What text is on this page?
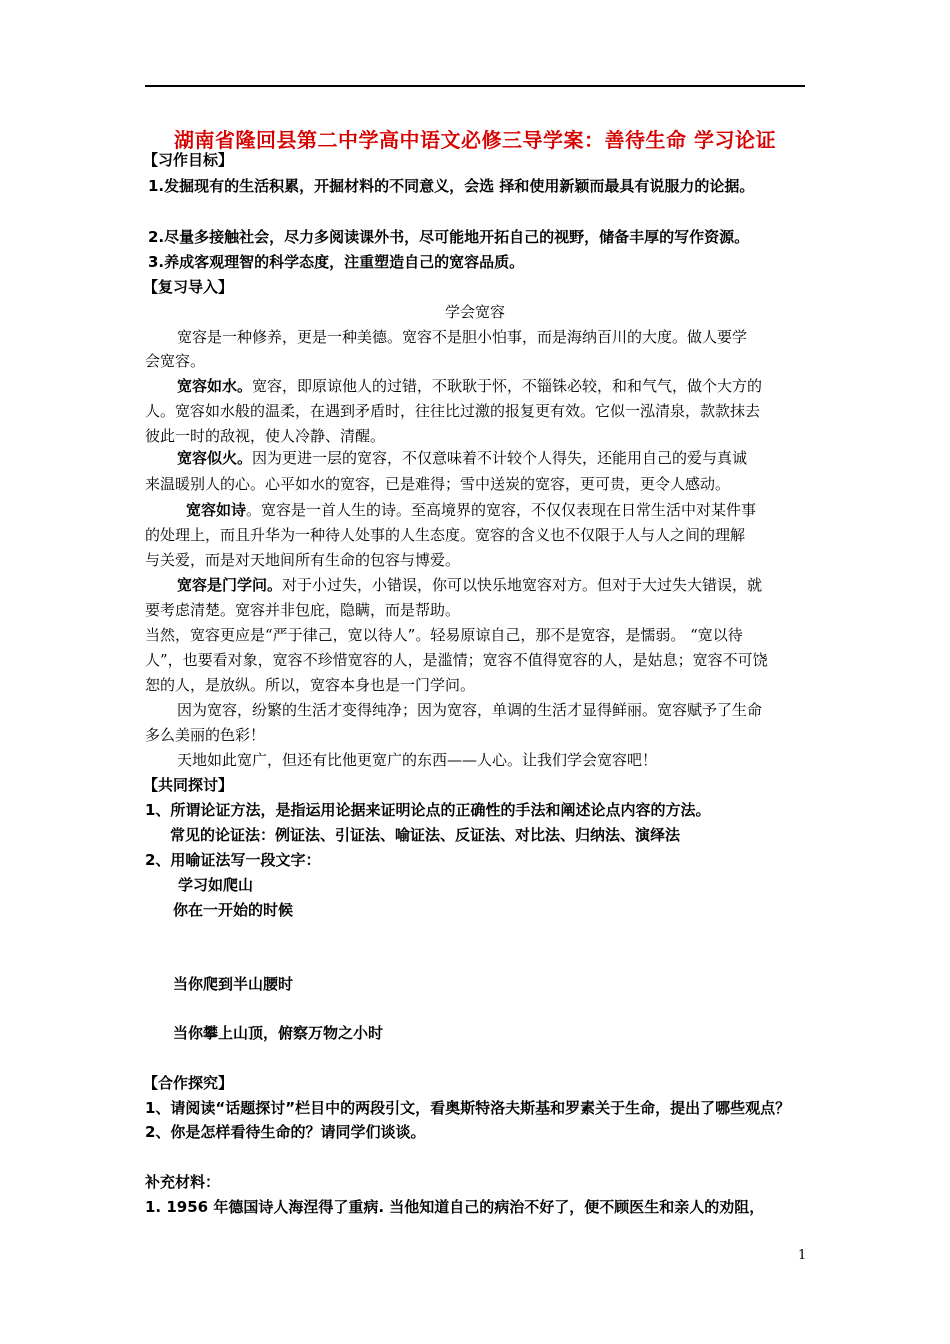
湖南省隆回县第二中学高中语文必修三导学案：善待生命 学习论证
【习作目标】
1.发掘现有的生活积累，开掘材料的不同意义，会选 择和使用新颖而最具有说服力的论据。
2.尽量多接触社会，尽力多阅读课外书，尽可能地开拓自己的视野，储备丰厚的写作资源。
3.养成客观理智的科学态度，注重塑造自己的宽容品质。
【复习导入】
学会宽容
宽容是一种修养，更是一种美德。宽容不是胆小怕事，而是海纳百川的大度。做人要学
会宽容。
宽容如水。宽容，即原谅他人的过错，不耿耿于怀，不锱铢必较，和和气气，做个大方的
人。宽容如水般的温柔，在遇到矛盾时，往往比过激的报复更有效。它似一泓清泉，款款抹去
彼此一时的敌视，使人冷静、清醒。
宽容似火。因为更进一层的宽容，不仅意味着不计较个人得失，还能用自己的爱与真诚
来温暖别人的心。心平如水的宽容，已是难得；雪中送炭的宽容，更可贵，更令人感动。
宽容如诗。宽容是一首人生的诗。至高境界的宽容，不仅仅表现在日常生活中对某件事
的处理上，而且升华为一种待人处事的人生态度。宽容的含义也不仅限于人与人之间的理解
与关爱，而是对天地间所有生命的包容与博爱。
宽容是门学问。对于小过失，小错误，你可以快乐地宽容对方。但对于大过失大错误，就
要考虑清楚。宽容并非包庇，隐瞒，而是帮助。
当然，宽容更应是“严于律己，宽以待人”。轻易原谅自己，那不是宽容，是懦弱。 “宽以待
人”，也要看对象，宽容不珍惜宽容的人，是滥情；宽容不值得宽容的人，是姑息；宽容不可饶
恕的人，是放纵。所以，宽容本身也是一门学问。
因为宽容，纷繁的生活才变得纯净；因为宽容，单调的生活才显得鲜丽。宽容赋予了生命
多么美丽的色彩！
天地如此宽广，但还有比他更宽广的东西——人心。让我们学会宽容吧！
【共同探讨】
1、所谓论证方法，是指运用论据来证明论点的正确性的手法和阐述论点内容的方法。
常见的论证法：例证法、引证法、喻证法、反证法、对比法、归纳法、演绎法
2、用喻证法写一段文字：
学习如爬山
你在一开始的时候
当你爬到半山腰时
当你攀上山顶，俯察万物之小时
【合作探究】
1、请阅读“话题探讨”栏目中的两段引文，看奥斯特洛夫斯基和罗素关于生命，提出了哪些观点？
2、你是怎样看待生命的？请同学们谈谈。
补充材料：
1. 1956 年德国诗人海涅得了重病. 当他知道自己的病治不好了，便不顾医生和亲人的劝阻，
1
